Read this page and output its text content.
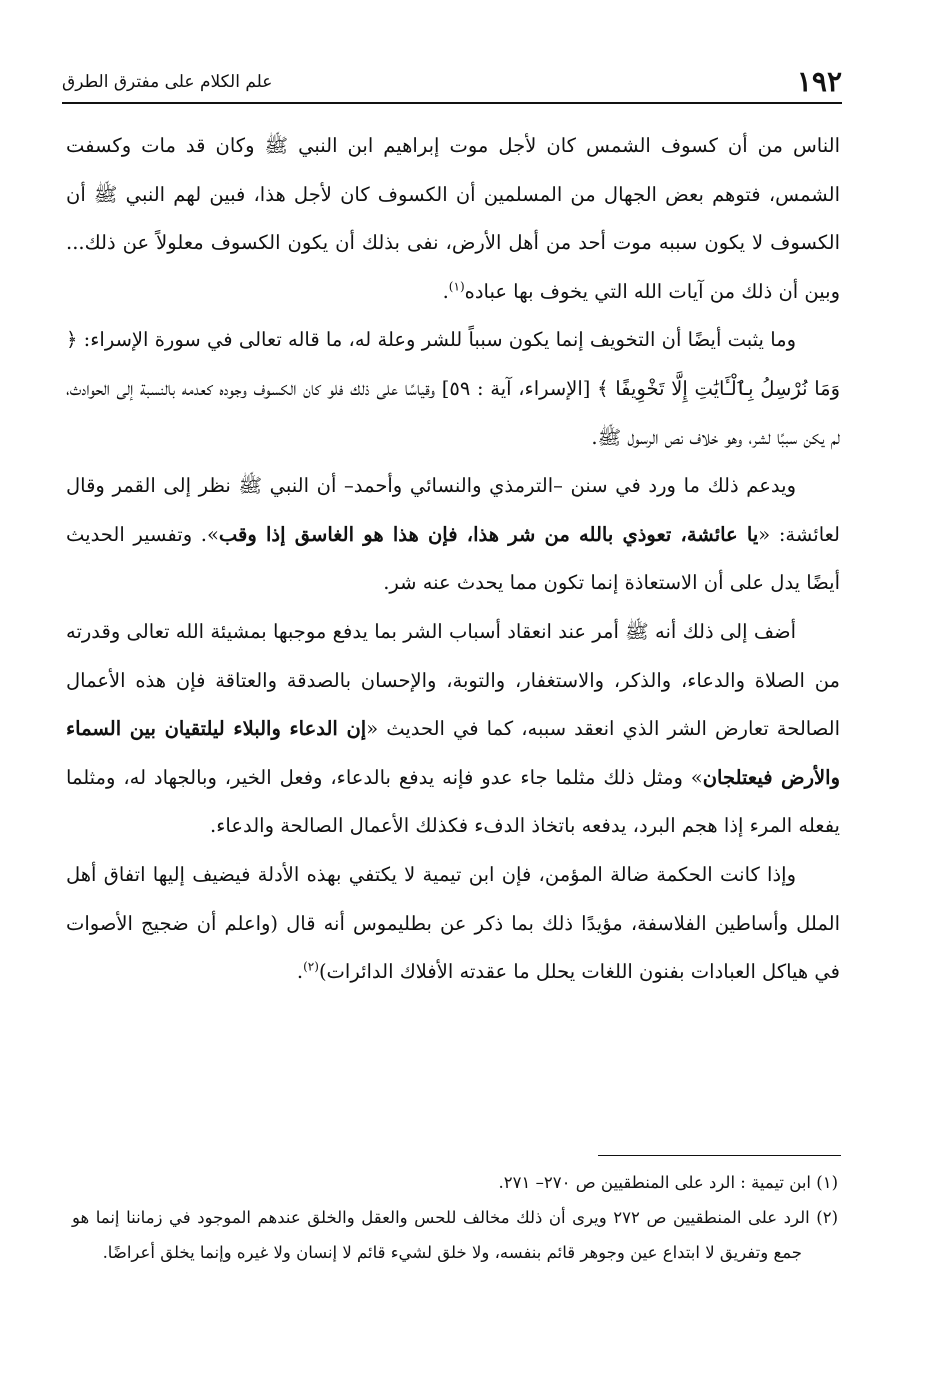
١٩٢
علم الكلام على مفترق الطرق

الناس من أن كسوف الشمس كان لأجل موت إبراهيم ابن النبي ﷺ وكان قد مات وكسفت الشمس، فتوهم بعض الجهال من المسلمين أن الكسوف كان لأجل هذا، فبين لهم النبي ﷺ أن الكسوف لا يكون سببه موت أحد من أهل الأرض، نفى بذلك أن يكون الكسوف معلولاً عن ذلك... وبين أن ذلك من آيات الله التي يخوف بها عباده$^{(١)}$.

وما يثبت أيضًا أن التخويف إنما يكون سبباً للشر وعلة له، ما قاله تعالى في سورة الإسراء: ﴿ وَمَا نُرْسِلُ بِٱلْـَٔايَٰتِ إِلَّا تَخْوِيفًا ﴾ [الإسراء، آية : ٥٩] وقياسًا على ذلك فلو كان الكسوف وجوده كعدمه بالنسبة إلى الحوادث، لم يكن سببًا لشر، وهو خلاف نص الرسول ﷺ.

ويدعم ذلك ما ورد في سنن –الترمذي والنسائي وأحمد– أن النبي ﷺ نظر إلى القمر وقال لعائشة: «يا عائشة، تعوذي بالله من شر هذا، فإن هذا هو الغاسق إذا وقب». وتفسير الحديث أيضًا يدل على أن الاستعاذة إنما تكون مما يحدث عنه شر.

أضف إلى ذلك أنه ﷺ أمر عند انعقاد أسباب الشر بما يدفع موجبها بمشيئة الله تعالى وقدرته من الصلاة والدعاء، والذكر، والاستغفار، والتوبة، والإحسان بالصدقة والعتاقة فإن هذه الأعمال الصالحة تعارض الشر الذي انعقد سببه، كما في الحديث «إن الدعاء والبلاء ليلتقيان بين السماء والأرض فيعتلجان» ومثل ذلك مثلما جاء عدو فإنه يدفع بالدعاء، وفعل الخير، وبالجهاد له، ومثلما يفعله المرء إذا هجم البرد، يدفعه باتخاذ الدفء فكذلك الأعمال الصالحة والدعاء.

وإذا كانت الحكمة ضالة المؤمن، فإن ابن تيمية لا يكتفي بهذه الأدلة فيضيف إليها اتفاق أهل الملل وأساطين الفلاسفة، مؤيدًا ذلك بما ذكر عن بطليموس أنه قال (واعلم أن ضجيج الأصوات في هياكل العبادات بفنون اللغات يحلل ما عقدته الأفلاك الدائرات)$^{(٢)}$.

(١) ابن تيمية : الرد على المنطقيين ص ٢٧٠– ٢٧١.

(٢) الرد على المنطقيين ص ٢٧٢ ويرى أن ذلك مخالف للحس والعقل والخلق عندهم الموجود في زماننا إنما هو جمع وتفريق لا ابتداع عين وجوهر قائم بنفسه، ولا خلق لشيء قائم لا إنسان ولا غيره وإنما يخلق أعراضًا.
